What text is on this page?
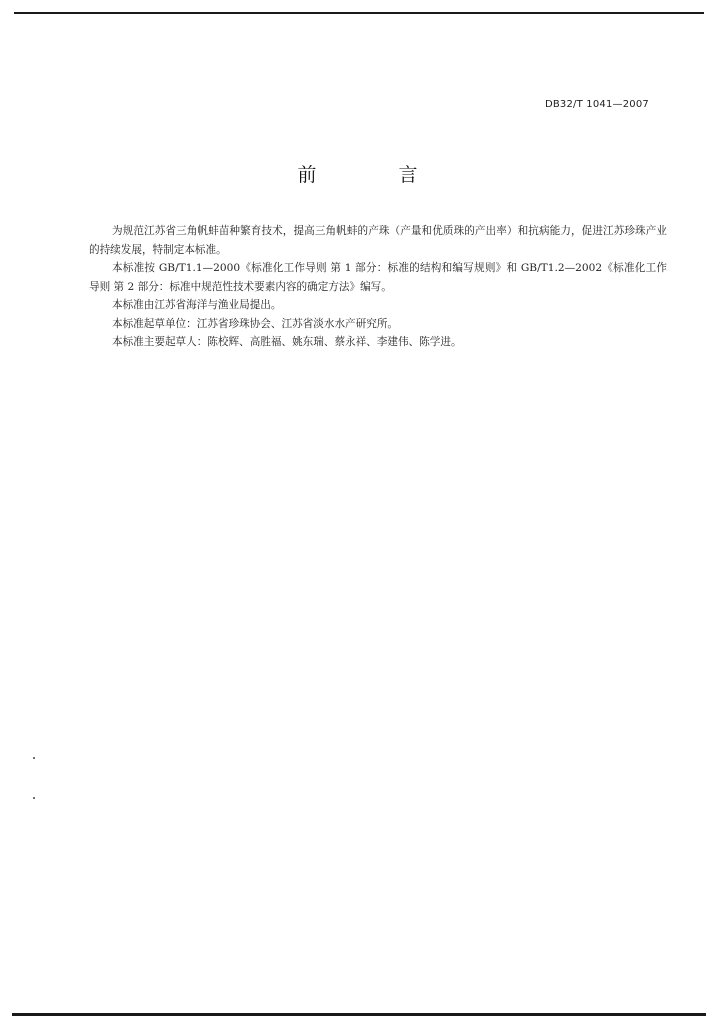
DB32/T 1041—2007
前 言

为规范江苏省三角帆蚌苗种繁育技术，提高三角帆蚌的产珠（产量和优质珠的产出率）和抗病能力，促进江苏珍珠产业的持续发展，特制定本标准。

本标准按 GB/T1.1—2000《标准化工作导则 第 1 部分：标准的结构和编写规则》和 GB/T1.2—2002《标准化工作导则 第 2 部分：标准中规范性技术要素内容的确定方法》编写。

本标准由江苏省海洋与渔业局提出。

本标准起草单位：江苏省珍珠协会、江苏省淡水水产研究所。

本标准主要起草人：陈校辉、高胜福、姚东瑞、蔡永祥、李建伟、陈学进。
